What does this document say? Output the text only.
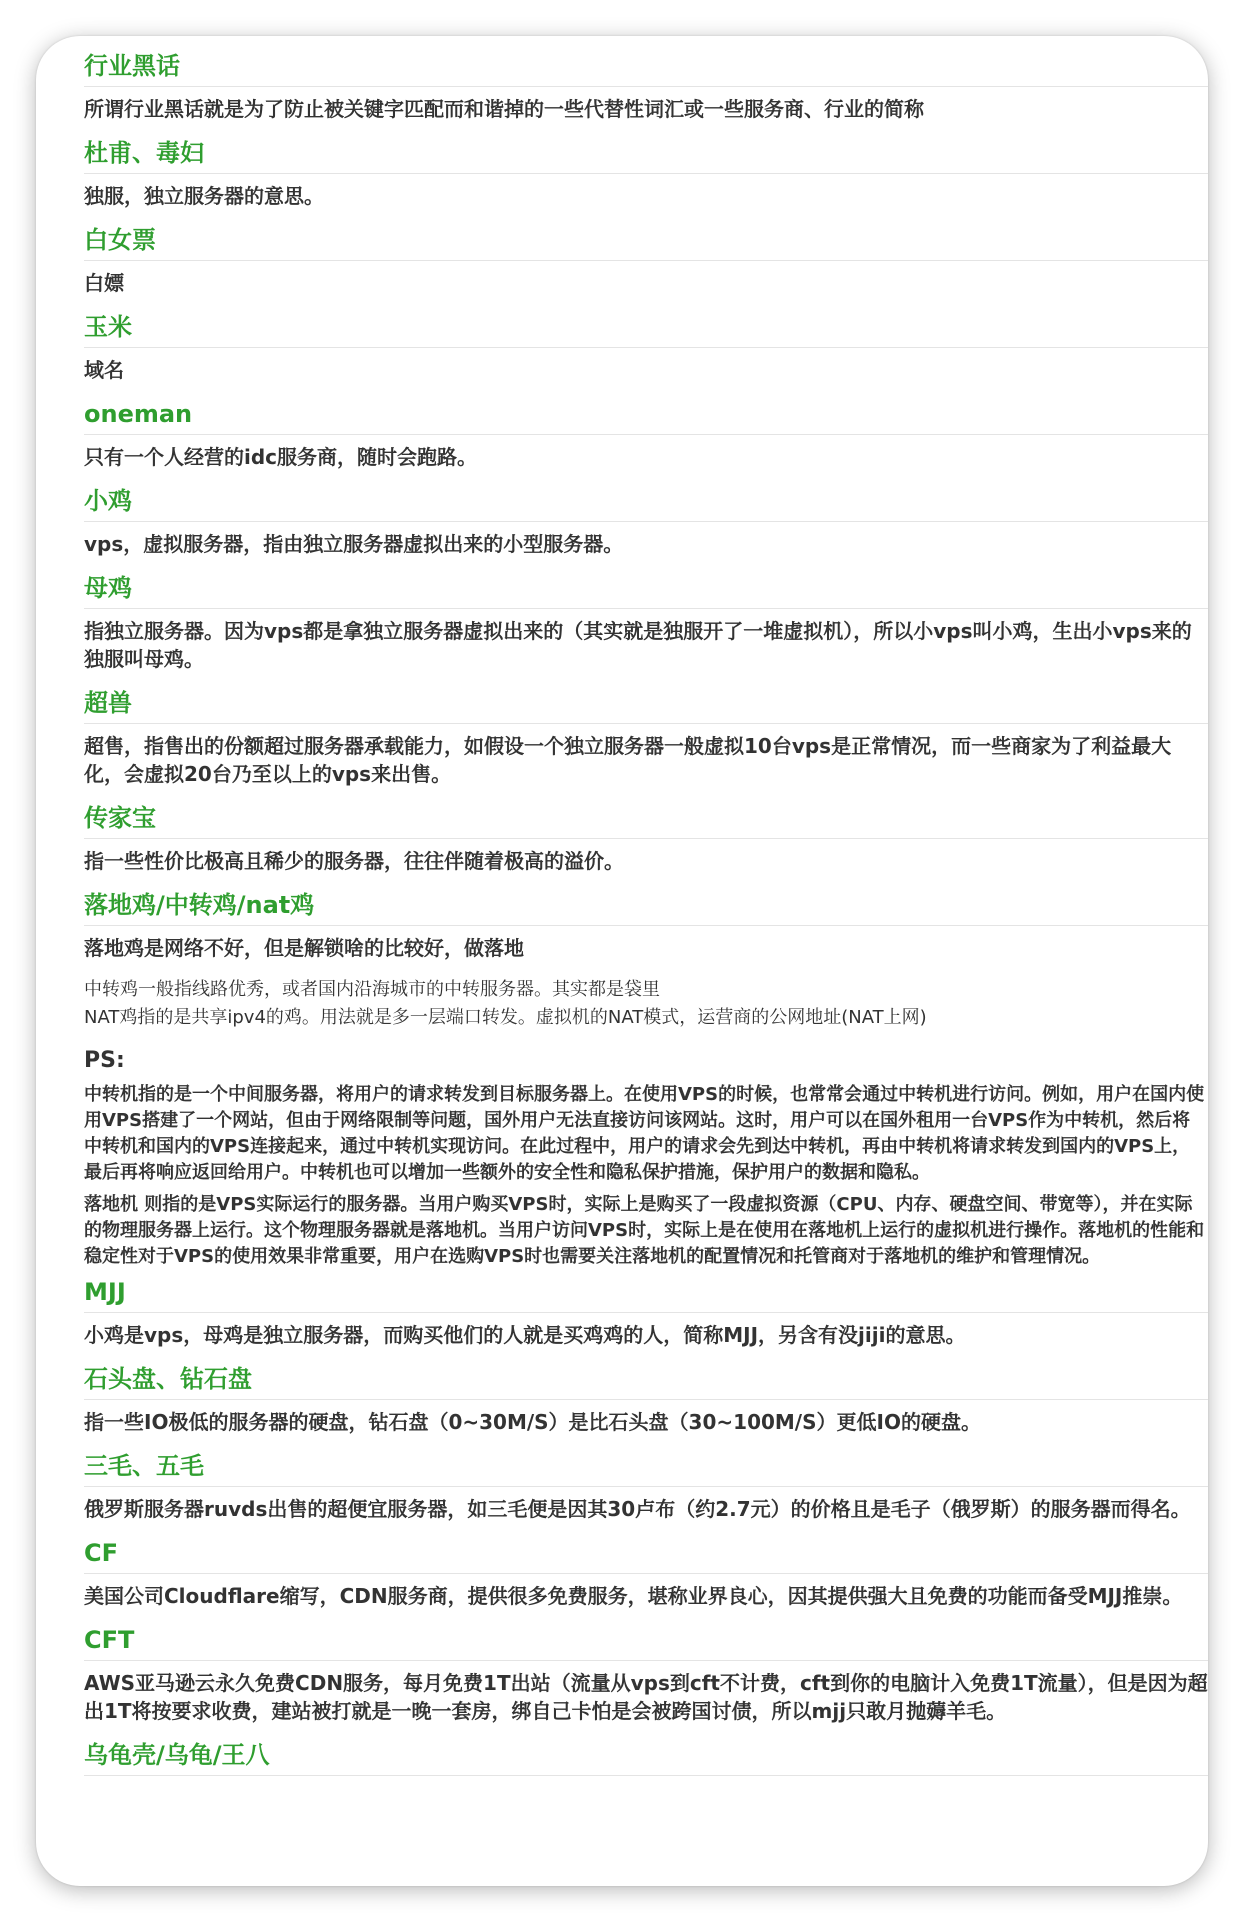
行业黑话

所谓行业黑话就是为了防止被关键字匹配而和谐掉的一些代替性词汇或一些服务商、行业的简称

杜甫、毒妇

独服，独立服务器的意思。

白女票

白嫖

玉米

域名

oneman

只有一个人经营的idc服务商，随时会跑路。

小鸡

vps，虚拟服务器，指由独立服务器虚拟出来的小型服务器。

母鸡

指独立服务器。因为vps都是拿独立服务器虚拟出来的（其实就是独服开了一堆虚拟机），所以小vps叫小鸡，生出小vps来的独服叫母鸡。

超兽

超售，指售出的份额超过服务器承载能力，如假设一个独立服务器一般虚拟10台vps是正常情况，而一些商家为了利益最大化，会虚拟20台乃至以上的vps来出售。

传家宝

指一些性价比极高且稀少的服务器，往往伴随着极高的溢价。

落地鸡/中转鸡/nat鸡

落地鸡是网络不好，但是解锁啥的比较好，做落地

中转鸡一般指线路优秀，或者国内沿海城市的中转服务器。其实都是袋里

NAT鸡指的是共享ipv4的鸡。用法就是多一层端口转发。虚拟机的NAT模式，运营商的公网地址(NAT上网)

PS:

中转机指的是一个中间服务器，将用户的请求转发到目标服务器上。在使用VPS的时候，也常常会通过中转机进行访问。例如，用户在国内使用VPS搭建了一个网站，但由于网络限制等问题，国外用户无法直接访问该网站。这时，用户可以在国外租用一台VPS作为中转机，然后将中转机和国内的VPS连接起来，通过中转机实现访问。在此过程中，用户的请求会先到达中转机，再由中转机将请求转发到国内的VPS上，最后再将响应返回给用户。中转机也可以增加一些额外的安全性和隐私保护措施，保护用户的数据和隐私。

落地机 则指的是VPS实际运行的服务器。当用户购买VPS时，实际上是购买了一段虚拟资源（CPU、内存、硬盘空间、带宽等），并在实际的物理服务器上运行。这个物理服务器就是落地机。当用户访问VPS时，实际上是在使用在落地机上运行的虚拟机进行操作。落地机的性能和稳定性对于VPS的使用效果非常重要，用户在选购VPS时也需要关注落地机的配置情况和托管商对于落地机的维护和管理情况。

MJJ

小鸡是vps，母鸡是独立服务器，而购买他们的人就是买鸡鸡的人，简称MJJ，另含有没jiji的意思。

石头盘、钻石盘

指一些IO极低的服务器的硬盘，钻石盘（0~30M/S）是比石头盘（30~100M/S）更低IO的硬盘。

三毛、五毛

俄罗斯服务器ruvds出售的超便宜服务器，如三毛便是因其30卢布（约2.7元）的价格且是毛子（俄罗斯）的服务器而得名。

CF

美国公司Cloudflare缩写，CDN服务商，提供很多免费服务，堪称业界良心，因其提供强大且免费的功能而备受MJJ推崇。

CFT

AWS亚马逊云永久免费CDN服务，每月免费1T出站（流量从vps到cft不计费，cft到你的电脑计入免费1T流量），但是因为超出1T将按要求收费，建站被打就是一晚一套房，绑自己卡怕是会被跨国讨债，所以mjj只敢月抛薅羊毛。

乌龟壳/乌龟/王八
